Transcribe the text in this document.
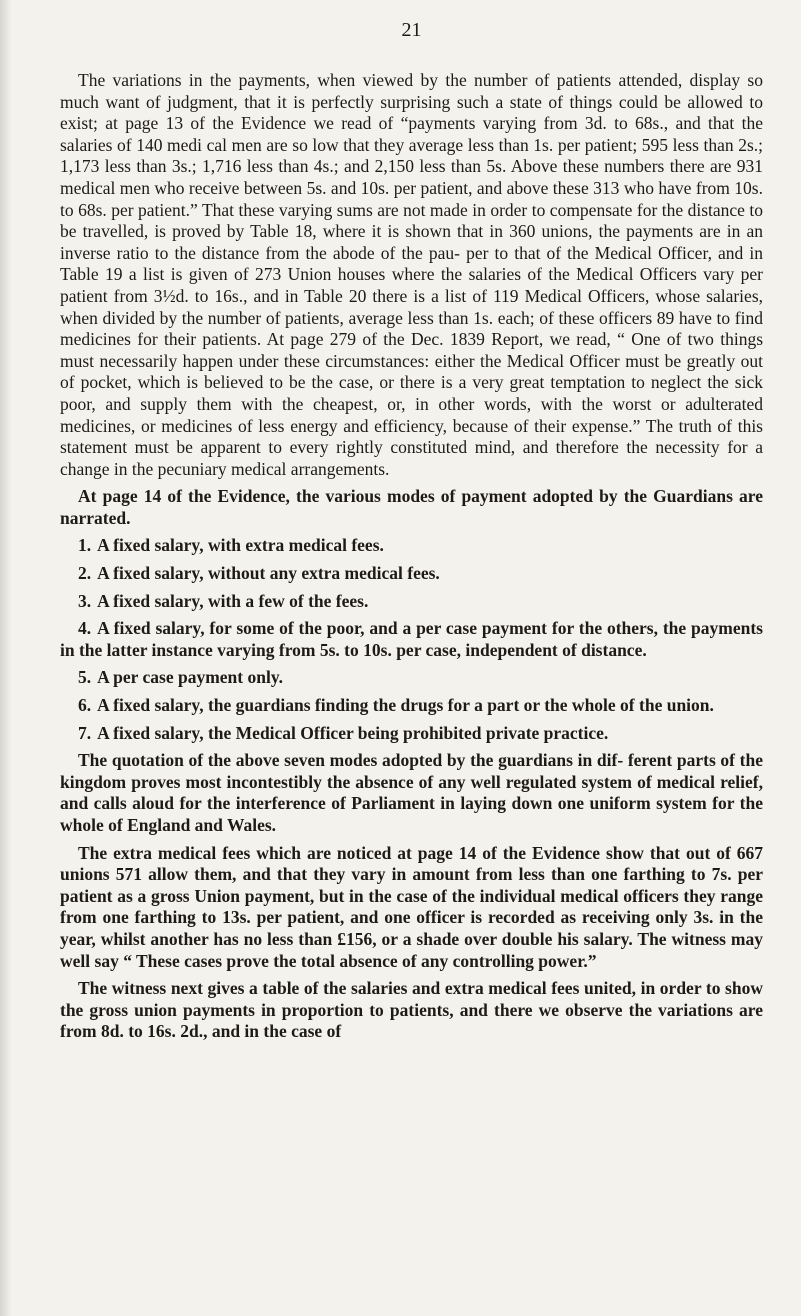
21

The variations in the payments, when viewed by the number of patients attended, display so much want of judgment, that it is perfectly surprising such a state of things could be allowed to exist; at page 13 of the Evidence we read of “payments varying from 3d. to 68s., and that the salaries of 140 medi cal men are so low that they average less than 1s. per patient; 595 less than 2s.; 1,173 less than 3s.; 1,716 less than 4s.; and 2,150 less than 5s. Above these numbers there are 931 medical men who receive between 5s. and 10s. per patient, and above these 313 who have from 10s. to 68s. per patient.” That these varying sums are not made in order to compensate for the distance to be travelled, is proved by Table 18, where it is shown that in 360 unions, the payments are in an inverse ratio to the distance from the abode of the pau- per to that of the Medical Officer, and in Table 19 a list is given of 273 Union houses where the salaries of the Medical Officers vary per patient from 3½d. to 16s., and in Table 20 there is a list of 119 Medical Officers, whose salaries, when divided by the number of patients, average less than 1s. each; of these officers 89 have to find medicines for their patients. At page 279 of the Dec. 1839 Report, we read, “ One of two things must necessarily happen under these circumstances: either the Medical Officer must be greatly out of pocket, which is believed to be the case, or there is a very great temptation to neglect the sick poor, and supply them with the cheapest, or, in other words, with the worst or adulterated medicines, or medicines of less energy and efficiency, because of their expense.” The truth of this statement must be apparent to every rightly constituted mind, and therefore the necessity for a change in the pecuniary medical arrangements.

At page 14 of the Evidence, the various modes of payment adopted by the Guardians are narrated.

1. A fixed salary, with extra medical fees.
2. A fixed salary, without any extra medical fees.
3. A fixed salary, with a few of the fees.
4. A fixed salary, for some of the poor, and a per case payment for the others, the payments in the latter instance varying from 5s. to 10s. per case, independent of distance.
5. A per case payment only.
6. A fixed salary, the guardians finding the drugs for a part or the whole of the union.
7. A fixed salary, the Medical Officer being prohibited private practice.

The quotation of the above seven modes adopted by the guardians in dif- ferent parts of the kingdom proves most incontestibly the absence of any well regulated system of medical relief, and calls aloud for the interference of Parliament in laying down one uniform system for the whole of England and Wales.

The extra medical fees which are noticed at page 14 of the Evidence show that out of 667 unions 571 allow them, and that they vary in amount from less than one farthing to 7s. per patient as a gross Union payment, but in the case of the individual medical officers they range from one farthing to 13s. per patient, and one officer is recorded as receiving only 3s. in the year, whilst another has no less than £156, or a shade over double his salary. The witness may well say “ These cases prove the total absence of any controlling power.”

The witness next gives a table of the salaries and extra medical fees united, in order to show the gross union payments in proportion to patients, and there we observe the variations are from 8d. to 16s. 2d., and in the case of
